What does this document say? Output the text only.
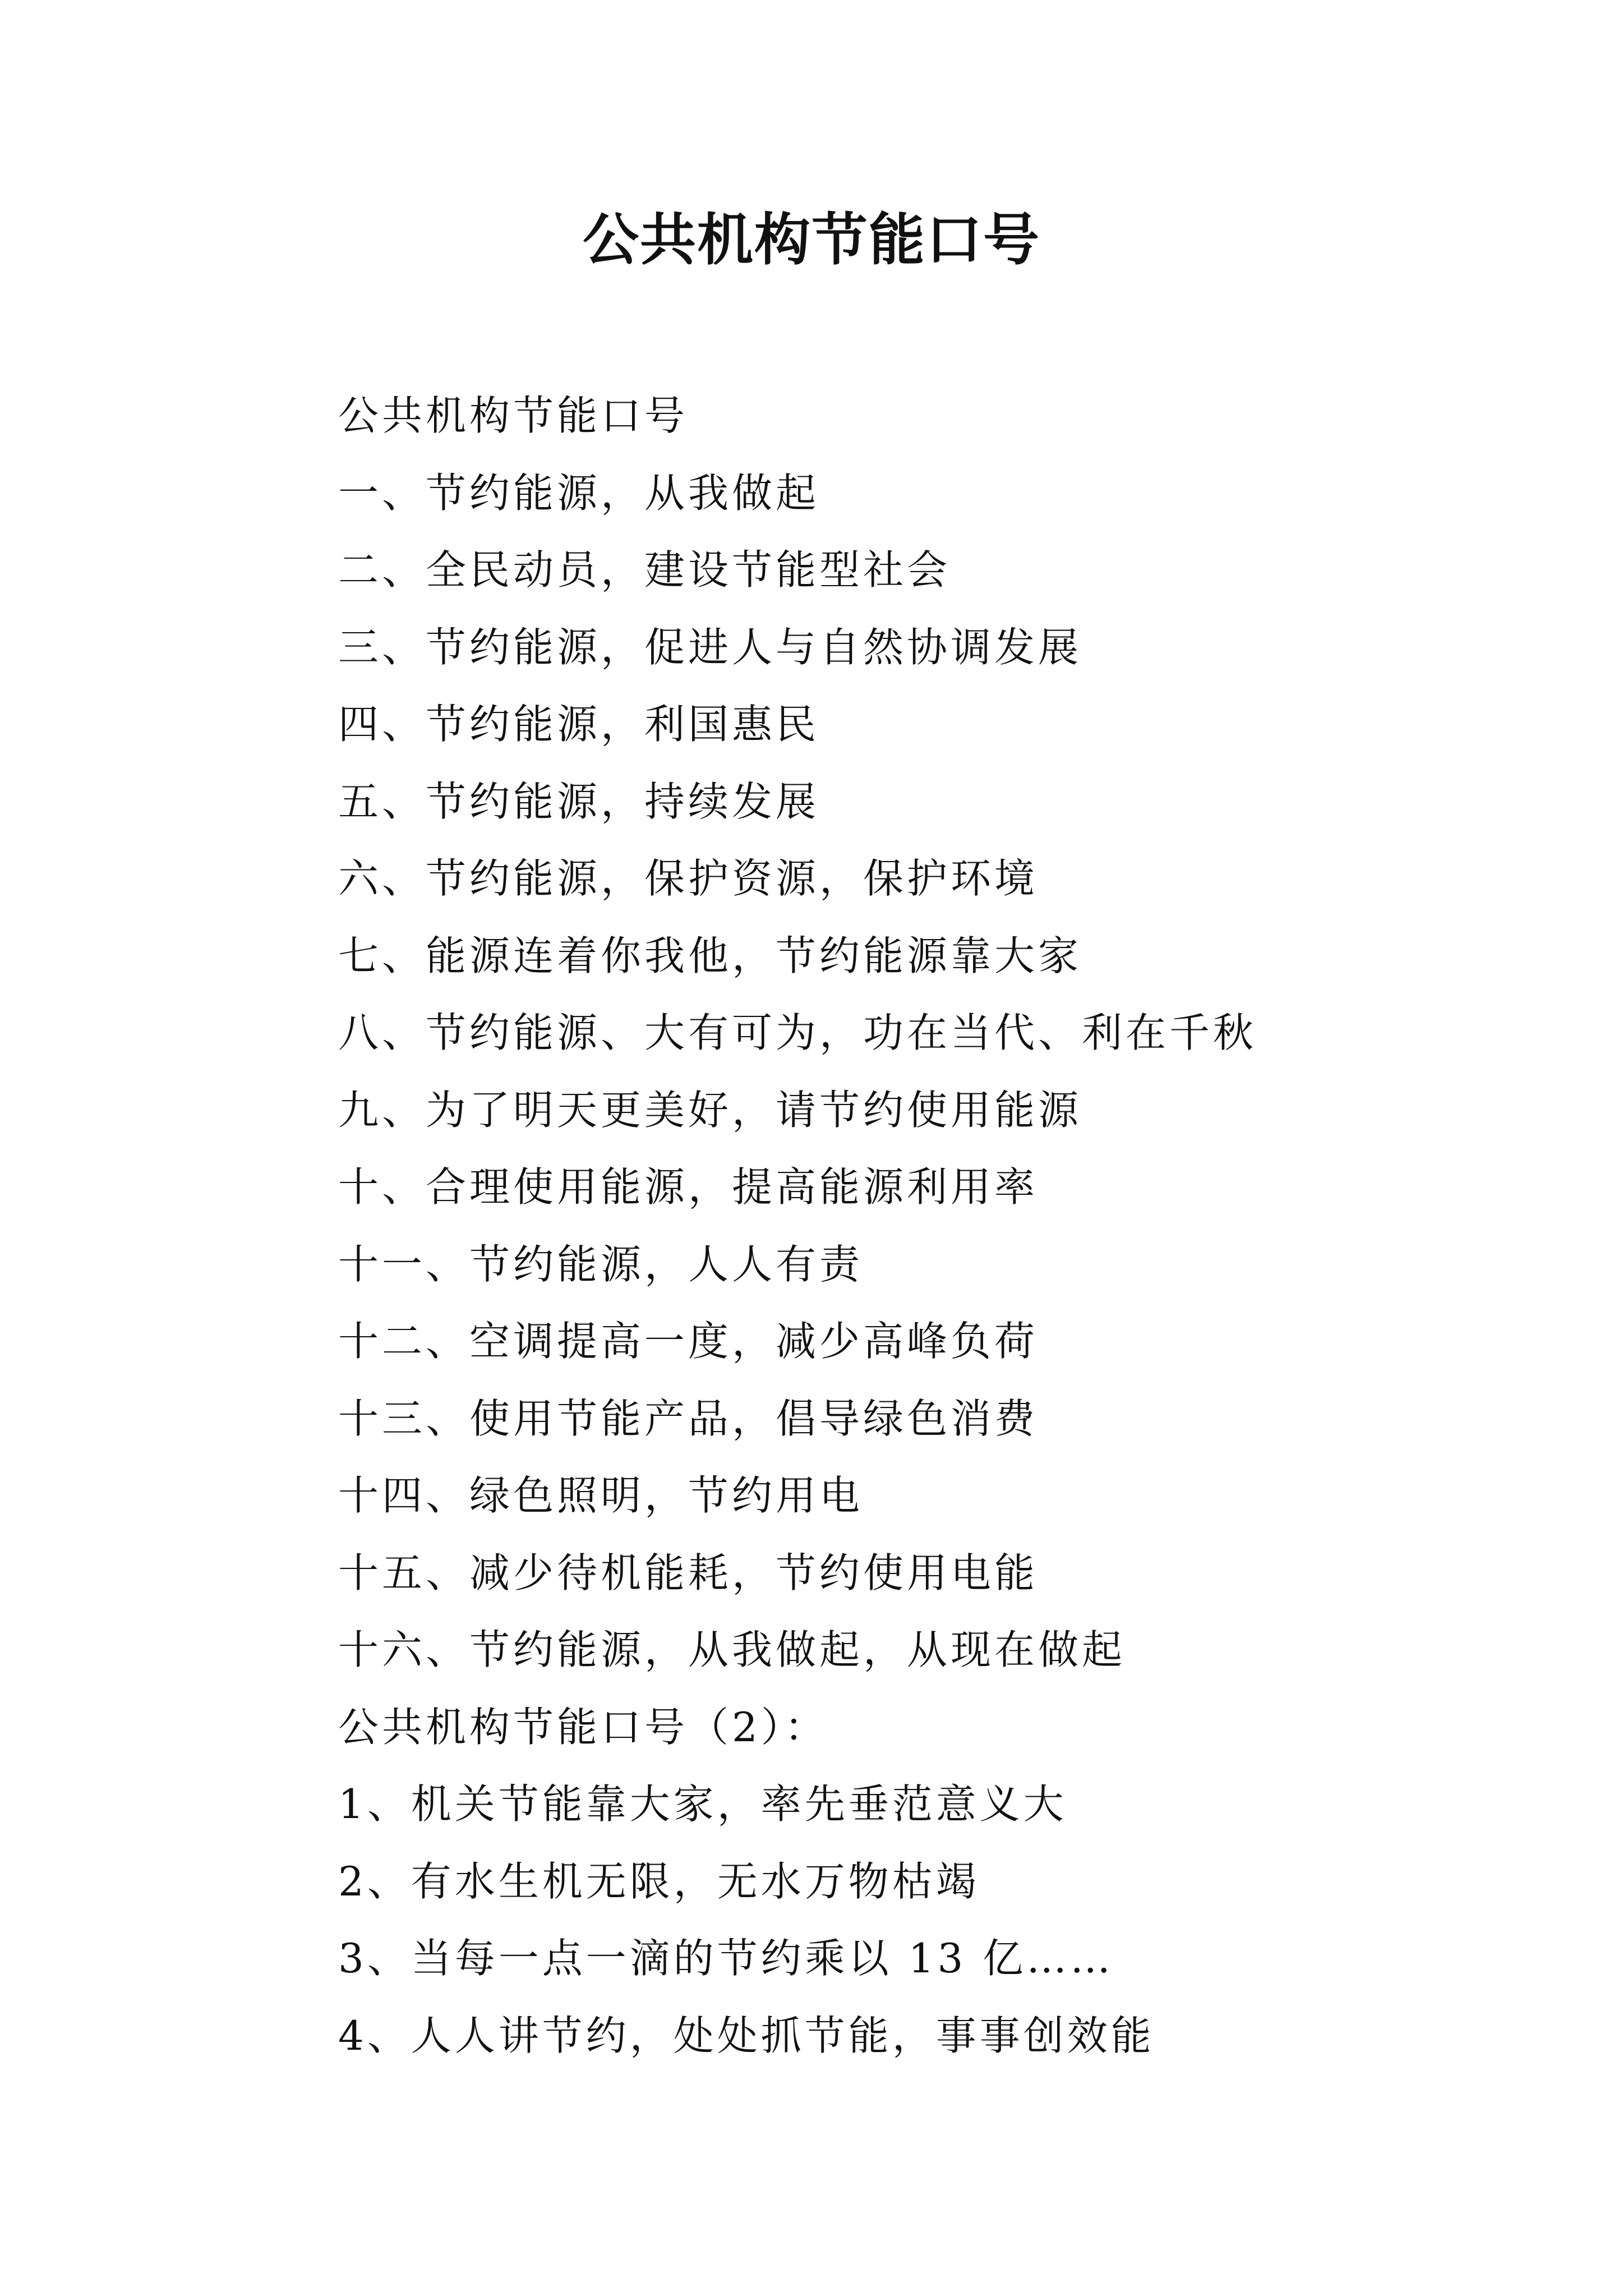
公共机构节能口号
公共机构节能口号
一、节约能源，从我做起
二、全民动员，建设节能型社会
三、节约能源，促进人与自然协调发展
四、节约能源，利国惠民
五、节约能源，持续发展
六、节约能源，保护资源，保护环境
七、能源连着你我他，节约能源靠大家
八、节约能源、大有可为，功在当代、利在千秋
九、为了明天更美好，请节约使用能源
十、合理使用能源，提高能源利用率
十一、节约能源，人人有责
十二、空调提高一度，减少高峰负荷
十三、使用节能产品，倡导绿色消费
十四、绿色照明，节约用电
十五、减少待机能耗，节约使用电能
十六、节约能源，从我做起，从现在做起
公共机构节能口号（2）：
1、机关节能靠大家，率先垂范意义大
2、有水生机无限，无水万物枯竭
3、当每一点一滴的节约乘以 13 亿……
4、人人讲节约，处处抓节能，事事创效能
